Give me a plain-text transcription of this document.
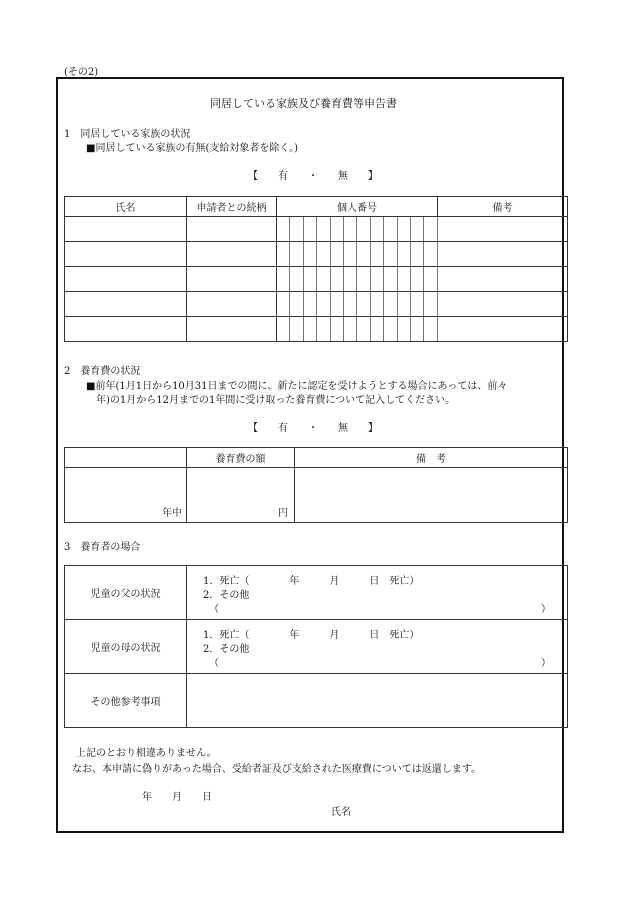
(その2)
同居している家族及び養育費等申告書
1　同居している家族の状況
■同居している家族の有無(支給対象者を除く。)
【　　有　　・　　無　　】
氏名	申請者との続柄	個人番号												備考

2　養育費の状況
■前年(1月1日から10月31日までの間に、新たに認定を受けようとする場合にあっては、前々
年)の1月から12月までの1年間に受け取った養育費について記入してください。
【　　有　　・　　無　　】
	養育費の額	備　考
年中	円	
3　養育者の場合
児童の父の状況	1．死亡（　　　　年　　　月　　　日　死亡）
2．その他
（ ）

児童の母の状況	1．死亡（　　　　年　　　月　　　日　死亡）
2．その他
（ ）

その他参考事項	
上記のとおり相違ありません。
なお、本申請に偽りがあった場合、受給者証及び支給された医療費については返還します。
年　　月　　日
氏名
